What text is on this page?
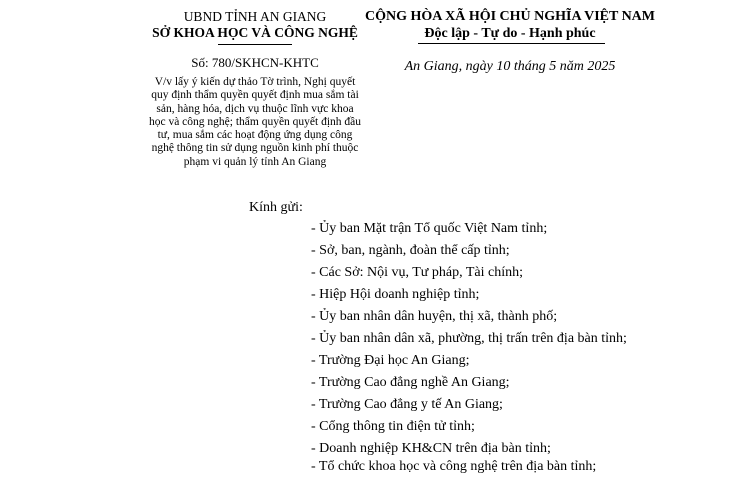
UBND TỈNH AN GIANG
SỞ KHOA HỌC VÀ CÔNG NGHỆ
Số: 780/SKHCN-KHTC
V/v lấy ý kiến dự thảo Tờ trình, Nghị quyết quy định thẩm quyền quyết định mua sắm tài sản, hàng hóa, dịch vụ thuộc lĩnh vực khoa học và công nghệ; thẩm quyền quyết định đầu tư, mua sắm các hoạt động ứng dụng công nghệ thông tin sử dụng nguồn kinh phí thuộc phạm vi quản lý tỉnh An Giang
CỘNG HÒA XÃ HỘI CHỦ NGHĨA VIỆT NAM
Độc lập - Tự do - Hạnh phúc
An Giang, ngày 10 tháng 5 năm 2025
Kính gửi:
- Ủy ban Mặt trận Tổ quốc Việt Nam tỉnh;
- Sở, ban, ngành, đoàn thể cấp tỉnh;
- Các Sở: Nội vụ, Tư pháp, Tài chính;
- Hiệp Hội doanh nghiệp tỉnh;
- Ủy ban nhân dân huyện, thị xã, thành phố;
- Ủy ban nhân dân xã, phường, thị trấn trên địa bàn tỉnh;
- Trường Đại học An Giang;
- Trường Cao đẳng nghề An Giang;
- Trường Cao đẳng y tế An Giang;
- Cổng thông tin điện tử tỉnh;
- Doanh nghiệp KH&CN trên địa bàn tỉnh;
- Tổ chức khoa học và công nghệ trên địa bàn tỉnh;
